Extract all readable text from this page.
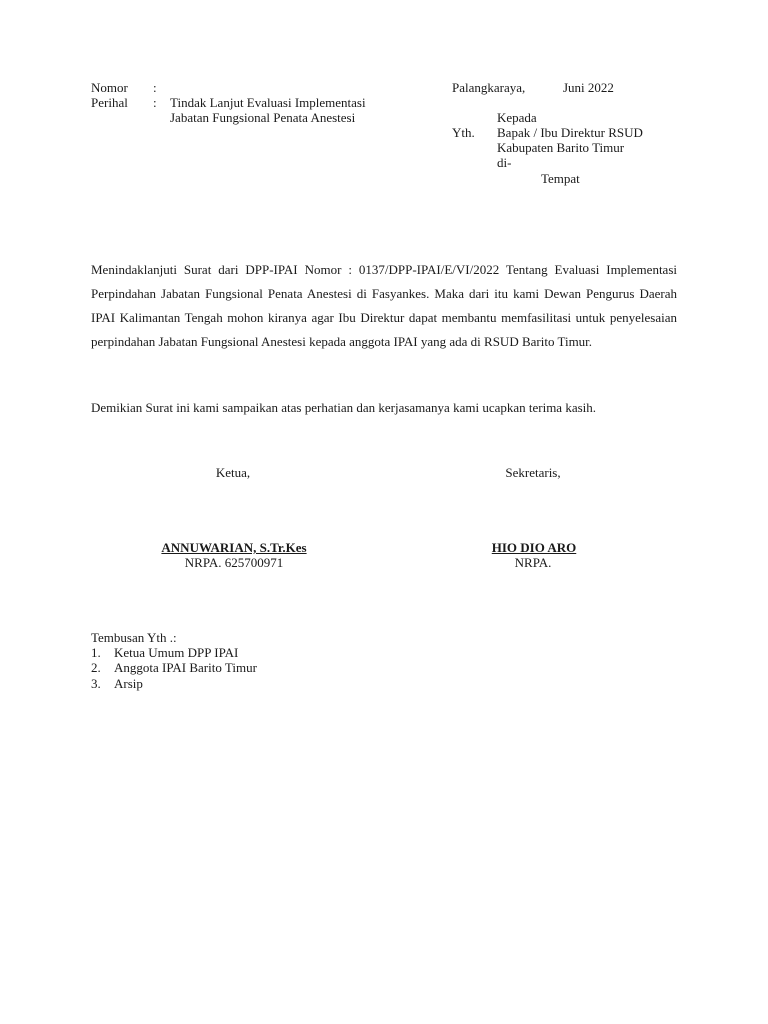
Nomor :
Perihal : Tindak Lanjut Evaluasi Implementasi
Jabatan Fungsional Penata Anestesi
Palangkaraya,	Juni 2022
Kepada
Yth. Bapak / Ibu Direktur RSUD
Kabupaten Barito Timur
di-
Tempat
Menindaklanjuti Surat dari DPP-IPAI Nomor : 0137/DPP-IPAI/E/VI/2022 Tentang Evaluasi Implementasi Perpindahan Jabatan Fungsional Penata Anestesi di Fasyankes. Maka dari itu kami Dewan Pengurus Daerah IPAI Kalimantan Tengah mohon kiranya agar Ibu Direktur dapat membantu memfasilitasi untuk penyelesaian perpindahan Jabatan Fungsional Anestesi kepada anggota IPAI yang ada di RSUD Barito Timur.
Demikian Surat ini kami sampaikan atas perhatian dan kerjasamanya kami ucapkan terima kasih.
Ketua,
ANNUWARIAN, S.Tr.Kes
NRPA. 625700971
Sekretaris,
HIO DIO ARO
NRPA.
Tembusan Yth .:
1. Ketua Umum DPP IPAI
2. Anggota IPAI Barito Timur
3. Arsip
